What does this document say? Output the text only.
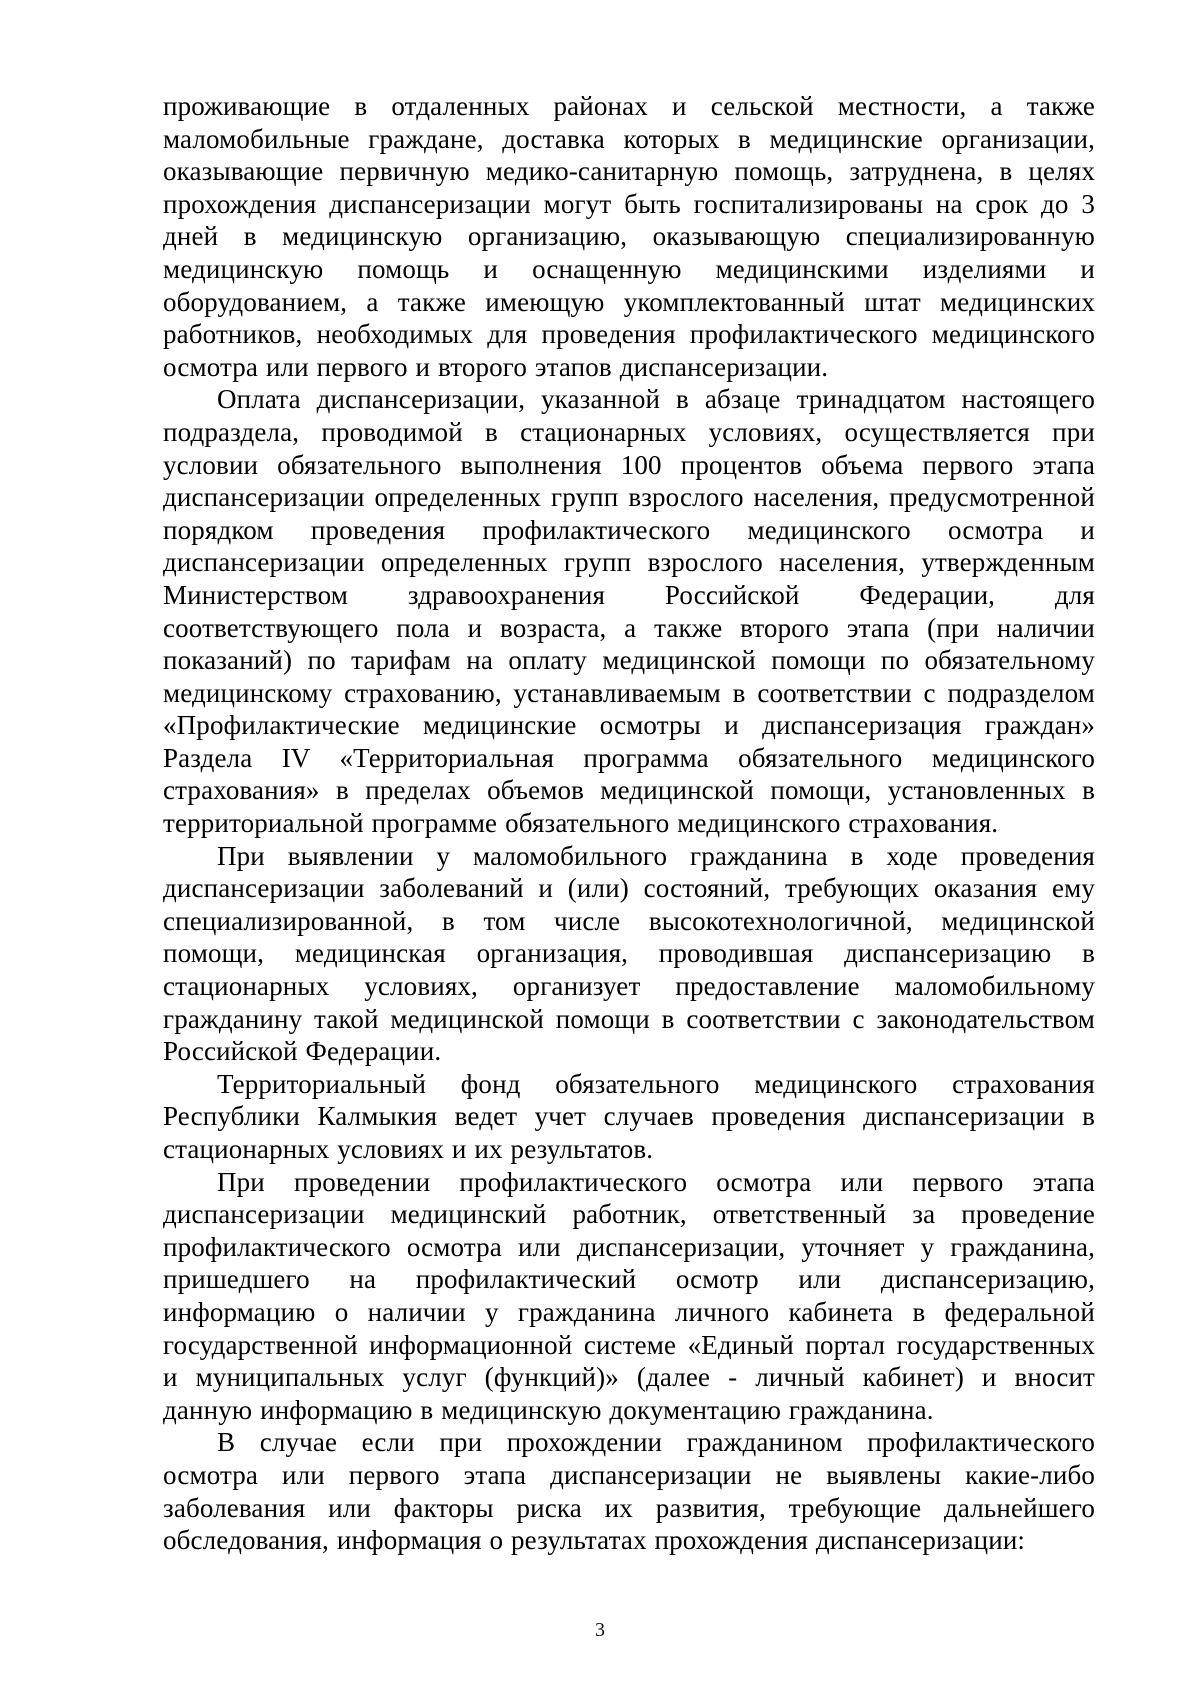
проживающие в отдаленных районах и сельской местности, а также маломобильные граждане, доставка которых в медицинские организации, оказывающие первичную медико-санитарную помощь, затруднена, в целях прохождения диспансеризации могут быть госпитализированы на срок до 3 дней в медицинскую организацию, оказывающую специализированную медицинскую помощь и оснащенную медицинскими изделиями и оборудованием, а также имеющую укомплектованный штат медицинских работников, необходимых для проведения профилактического медицинского осмотра или первого и второго этапов диспансеризации.

Оплата диспансеризации, указанной в абзаце тринадцатом настоящего подраздела, проводимой в стационарных условиях, осуществляется при условии обязательного выполнения 100 процентов объема первого этапа диспансеризации определенных групп взрослого населения, предусмотренной порядком проведения профилактического медицинского осмотра и диспансеризации определенных групп взрослого населения, утвержденным Министерством здравоохранения Российской Федерации, для соответствующего пола и возраста, а также второго этапа (при наличии показаний) по тарифам на оплату медицинской помощи по обязательному медицинскому страхованию, устанавливаемым в соответствии с подразделом «Профилактические медицинские осмотры и диспансеризация граждан» Раздела IV «Территориальная программа обязательного медицинского страхования» в пределах объемов медицинской помощи, установленных в территориальной программе обязательного медицинского страхования.

При выявлении у маломобильного гражданина в ходе проведения диспансеризации заболеваний и (или) состояний, требующих оказания ему специализированной, в том числе высокотехнологичной, медицинской помощи, медицинская организация, проводившая диспансеризацию в стационарных условиях, организует предоставление маломобильному гражданину такой медицинской помощи в соответствии с законодательством Российской Федерации.

Территориальный фонд обязательного медицинского страхования Республики Калмыкия ведет учет случаев проведения диспансеризации в стационарных условиях и их результатов.

При проведении профилактического осмотра или первого этапа диспансеризации медицинский работник, ответственный за проведение профилактического осмотра или диспансеризации, уточняет у гражданина, пришедшего на профилактический осмотр или диспансеризацию, информацию о наличии у гражданина личного кабинета в федеральной государственной информационной системе «Единый портал государственных и муниципальных услуг (функций)» (далее - личный кабинет) и вносит данную информацию в медицинскую документацию гражданина.

В случае если при прохождении гражданином профилактического осмотра или первого этапа диспансеризации не выявлены какие-либо заболевания или факторы риска их развития, требующие дальнейшего обследования, информация о результатах прохождения диспансеризации:

3
